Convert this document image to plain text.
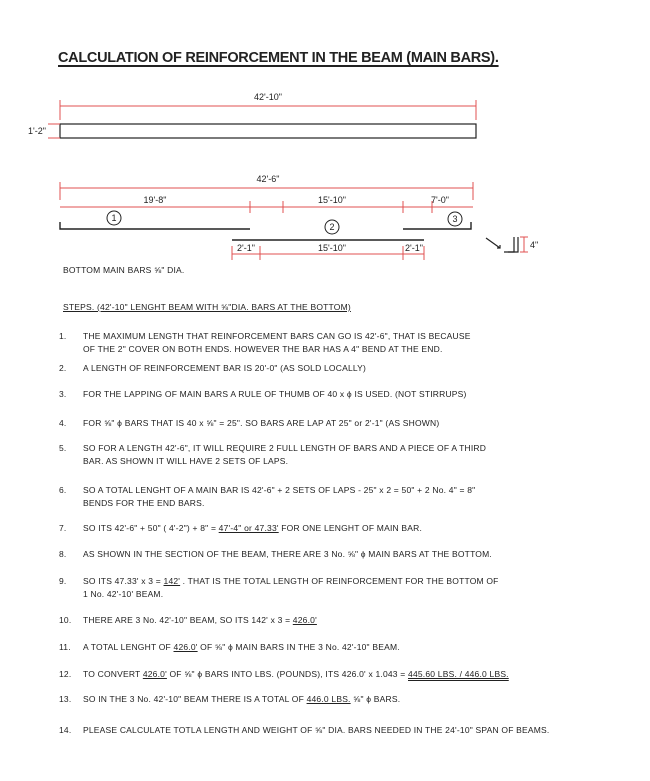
CALCULATION OF REINFORCEMENT IN THE BEAM (MAIN BARS).
42'-10"
1'-2"
42'-6"
19'-8"	15'-10"	7'-0"
1
2
3
2'-1"	15'-10"	2'-1"	4"
BOTTOM MAIN BARS ⅝" DIA.
STEPS. (42'-10" LENGHT BEAM WITH ⅝"DIA. BARS AT THE BOTTOM)
1. THE MAXIMUM LENGTH THAT REINFORCEMENT BARS CAN GO IS 42'-6", THAT IS BECAUSE
OF THE 2" COVER ON BOTH ENDS. HOWEVER THE BAR HAS A 4" BEND AT THE END.
2. A LENGTH OF REINFORCEMENT BAR IS 20'-0" (AS SOLD LOCALLY)
3. FOR THE LAPPING OF MAIN BARS A RULE OF THUMB OF 40 x ϕ IS USED. (NOT STIRRUPS)
4. FOR ⅝" ϕ BARS THAT IS 40 x ⅝" = 25". SO BARS ARE LAP AT 25" or 2'-1" (AS SHOWN)
5. SO FOR A LENGTH 42'-6", IT WILL REQUIRE 2 FULL LENGTH OF BARS AND A PIECE OF A THIRD
BAR. AS SHOWN IT WILL HAVE 2 SETS OF LAPS.
6. SO A TOTAL LENGHT OF A MAIN BAR IS 42'-6" + 2 SETS OF LAPS - 25" x 2 = 50" + 2 No. 4" = 8"
BENDS FOR THE END BARS.
7. SO ITS 42'-6" + 50" ( 4'-2") + 8" = 47'-4" or 47.33' FOR ONE LENGHT OF MAIN BAR.
8. AS SHOWN IN THE SECTION OF THE BEAM, THERE ARE 3 No. ⅝" ϕ MAIN BARS AT THE BOTTOM.
9. SO ITS 47.33' x 3 = 142' . THAT IS THE TOTAL LENGTH OF REINFORCEMENT FOR THE BOTTOM OF
1 No. 42'-10' BEAM.
10. THERE ARE 3 No. 42'-10" BEAM, SO ITS 142' x 3 = 426.0'
11. A TOTAL LENGHT OF 426.0' OF ⅝" ϕ MAIN BARS IN THE 3 No. 42'-10" BEAM.
12. TO CONVERT 426.0' OF ⅝" ϕ BARS INTO LBS. (POUNDS), ITS 426.0' x 1.043 = 445.60 LBS. / 446.0 LBS.
13. SO IN THE 3 No. 42'-10" BEAM THERE IS A TOTAL OF 446.0 LBS. ⅝" ϕ BARS.
14. PLEASE CALCULATE TOTLA LENGTH AND WEIGHT OF ⅝" DIA. BARS NEEDED IN THE 24'-10" SPAN OF BEAMS.
